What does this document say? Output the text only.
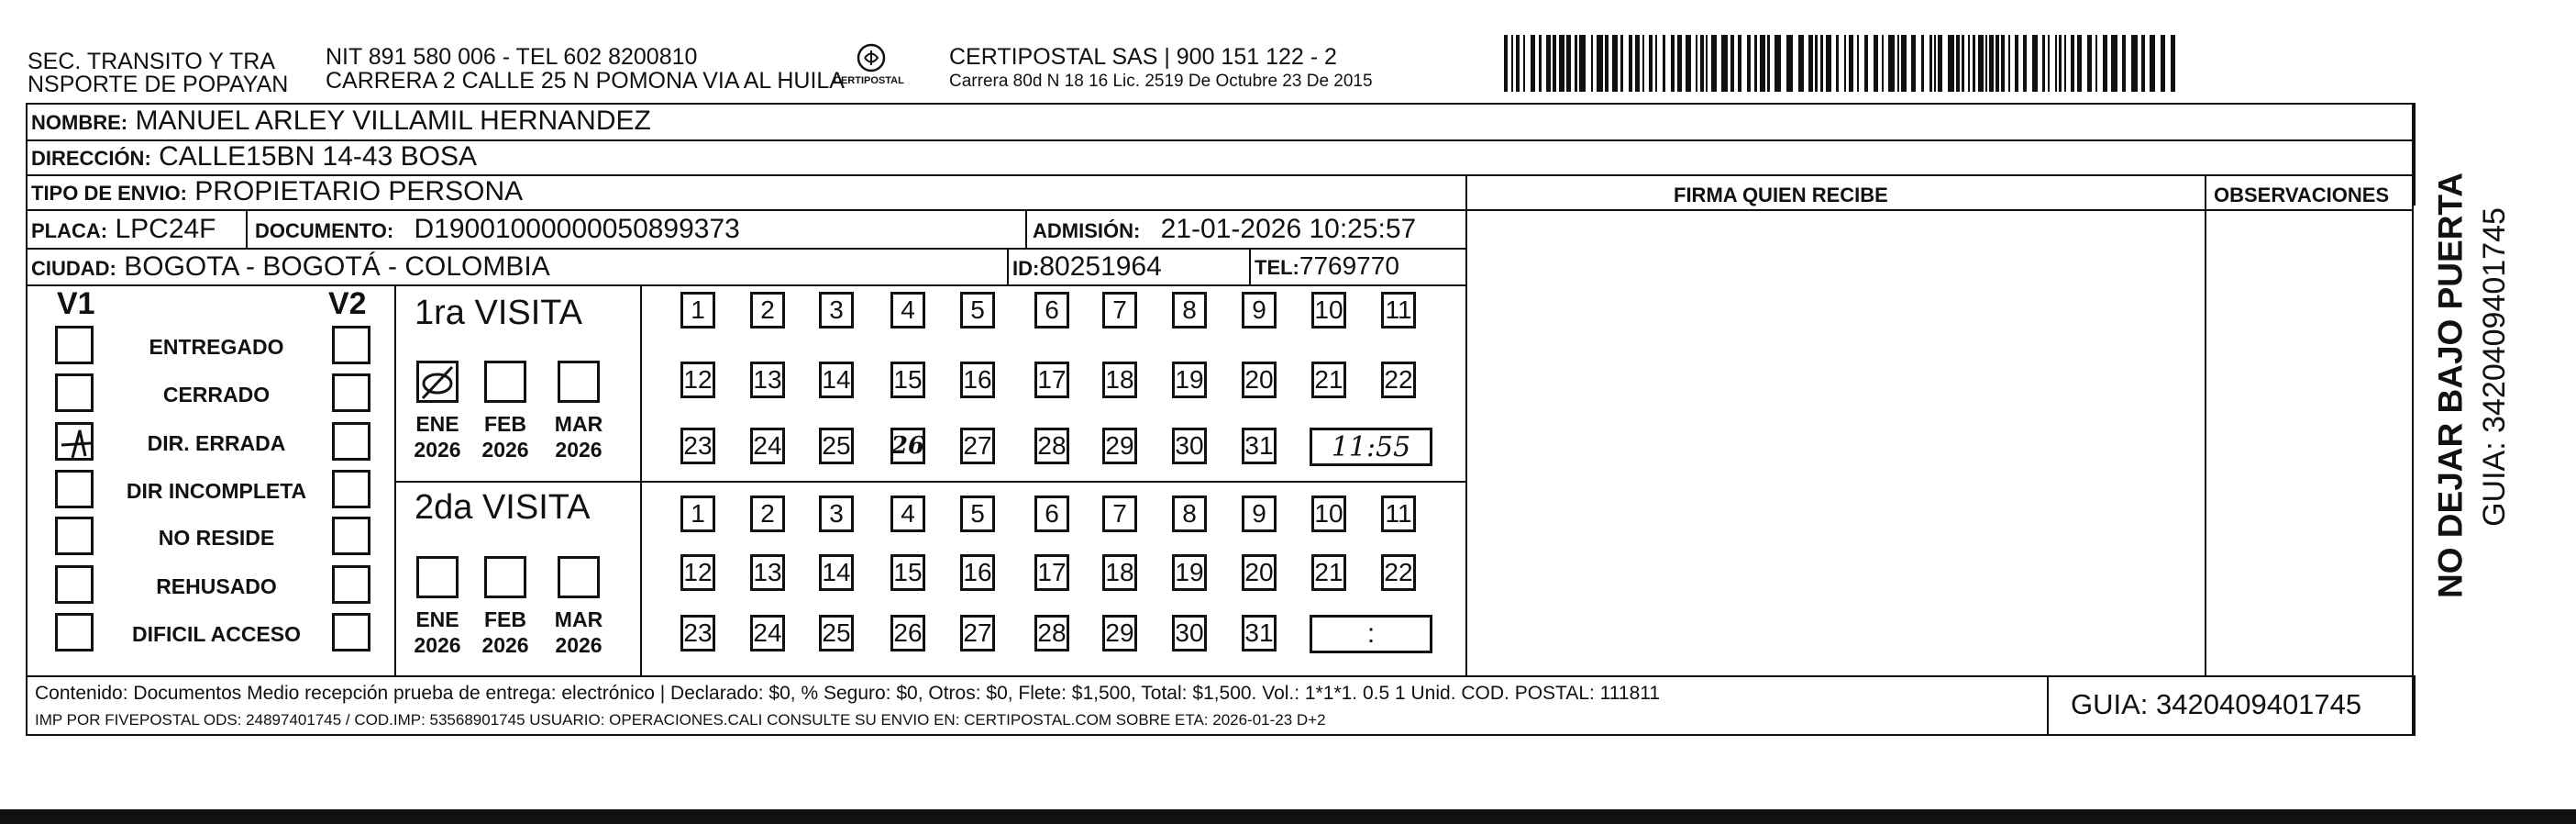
SEC. TRANSITO Y TRA
NSPORTE DE POPAYAN
NIT 891 580 006 - TEL 602 8200810
CARRERA 2 CALLE 25 N POMONA VIA AL HUILA
CERTIPOSTAL
CERTIPOSTAL SAS | 900 151 122 - 2
Carrera 80d N 18 16 Lic. 2519 De Octubre 23 De 2015
NOMBRE: MANUEL ARLEY VILLAMIL HERNANDEZ
DIRECCIÓN: CALLE15BN 14-43 BOSA
TIPO DE ENVIO: PROPIETARIO PERSONA	FIRMA QUIEN RECIBE	OBSERVACIONES
PLACA: LPC24F DOCUMENTO: D19001000000050899373	ADMISIÓN: 21-01-2026 10:25:57
CIUDAD: BOGOTA - BOGOTÁ - COLOMBIA	ID:80251964	TEL:7769770
V1	V2
ENTREGADO
CERRADO
DIR. ERRADA
DIR INCOMPLETA
NO RESIDE
REHUSADO
DIFICIL ACCESO
1ra VISITA
ENE
2026
FEB
2026
MAR
2026
1	2	3	4	5	6	7	8	9	10 11
12 13 14 15 16 17 18 19 20 21 22
23 24 25 26 27 28 29 30 31 11:55
2da VISITA
ENE
2026
FEB
2026
MAR
2026
1	2	3	4	5	6	7	8	9	10 11
12 13 14 15 16 17 18 19 20 21 22
23 24 25 26 27 28 29 30 31	:
Contenido: Documentos Medio recepción prueba de entrega: electrónico | Declarado: $0, % Seguro: $0, Otros: $0, Flete: $1,500, Total: $1,500. Vol.: 1*1*1. 0.5 1 Unid. COD. POSTAL: 111811
IMP POR FIVEPOSTAL ODS: 24897401745 / COD.IMP: 53568901745 USUARIO: OPERACIONES.CALI CONSULTE SU ENVIO EN: CERTIPOSTAL.COM SOBRE ETA: 2026-01-23 D+2	GUIA: 3420409401745
NO DEJAR BAJO PUERTA GUIA: 3420409401745
